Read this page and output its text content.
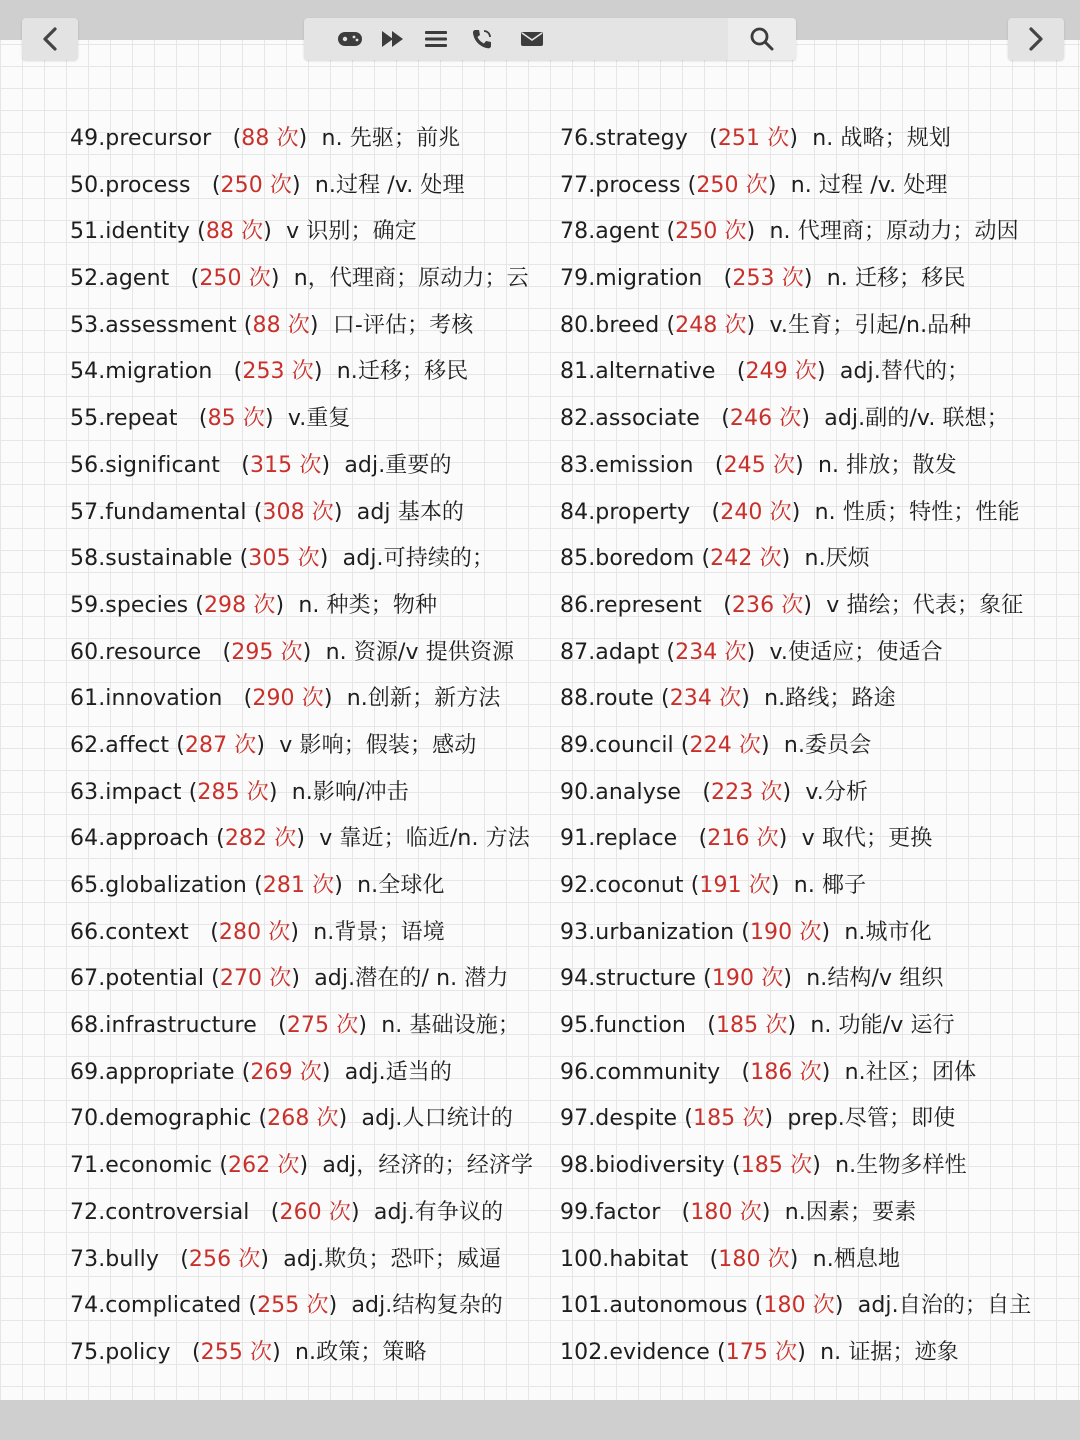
49.precursor (88 次) n. 先驱；前兆
50.process (250 次) n.过程 /v. 处理
51.identity (88 次) v 识别；确定
52.agent (250 次) n，代理商；原动力；云
53.assessment (88 次) 口-评估；考核
54.migration (253 次) n.迁移；移民
55.repeat (85 次) v.重复
56.significant (315 次) adj.重要的
57.fundamental (308 次) adj 基本的
58.sustainable (305 次) adj.可持续的；
59.species (298 次) n. 种类；物种
60.resource (295 次) n. 资源/v 提供资源
61.innovation (290 次) n.创新；新方法
62.affect (287 次) v 影响；假装；感动
63.impact (285 次) n.影响/冲击
64.approach (282 次) v 靠近；临近/n. 方法
65.globalization (281 次) n.全球化
66.context (280 次) n.背景；语境
67.potential (270 次) adj.潜在的/ n. 潜力
68.infrastructure (275 次) n. 基础设施；
69.appropriate (269 次) adj.适当的
70.demographic (268 次) adj.人口统计的
71.economic (262 次) adj，经济的；经济学
72.controversial (260 次) adj.有争议的
73.bully (256 次) adj.欺负；恐吓；威逼
74.complicated (255 次) adj.结构复杂的
75.policy (255 次) n.政策；策略
76.strategy (251 次) n. 战略；规划
77.process (250 次) n. 过程 /v. 处理
78.agent (250 次) n. 代理商；原动力；动因
79.migration (253 次) n. 迁移；移民
80.breed (248 次) v.生育；引起/n.品种
81.alternative (249 次) adj.替代的；
82.associate (246 次) adj.副的/v. 联想；
83.emission (245 次) n. 排放；散发
84.property (240 次) n. 性质；特性；性能
85.boredom (242 次) n.厌烦
86.represent (236 次) v 描绘；代表；象征
87.adapt (234 次) v.使适应；使适合
88.route (234 次) n.路线；路途
89.council (224 次) n.委员会
90.analyse (223 次) v.分析
91.replace (216 次) v 取代；更换
92.coconut (191 次) n. 椰子
93.urbanization (190 次) n.城市化
94.structure (190 次) n.结构/v 组织
95.function (185 次) n. 功能/v 运行
96.community (186 次) n.社区；团体
97.despite (185 次) prep.尽管；即使
98.biodiversity (185 次) n.生物多样性
99.factor (180 次) n.因素；要素
100.habitat (180 次) n.栖息地
101.autonomous (180 次) adj.自治的；自主
102.evidence (175 次) n. 证据；迹象
